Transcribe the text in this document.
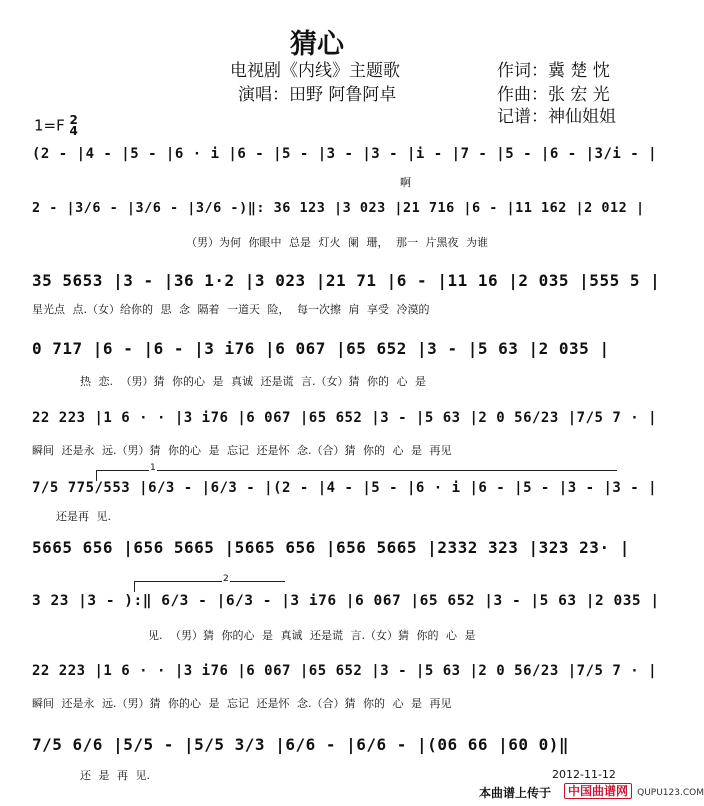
猜心
电视剧《内线》主题歌
演唱：田野 阿鲁阿卓
作词：冀 楚 忱
作曲：张 宏 光
记谱：神仙姐姐
1=F 2
4
(2 - |4 - |5 - |6 · i |6 - |5 - |3 - |3 - |i - |7 - |5 - |6 - |3/i - |
啊
2 - |3/6 - |3/6 - |3/6 -)‖: 36 123 |3 023 |21 716 |6 - |11 162 |2 012 |
（男）为何 你眼中 总是 灯火 阑 珊， 那一 片黑夜 为谁
35 5653 |3 - |36 1·2 |3 023 |21 71 |6 - |11 16 |2 035 |555 5 |
星光点 点.（女）给你的 思 念 隔着 一道天 险， 每一次擦 肩 享受 冷漠的
0 717 |6 - |6 - |3 i76 |6 067 |65 652 |3 - |5 63 |2 035 |
热 恋. （男）猜 你的心 是 真诚 还是谎 言.（女）猜 你的 心 是
22 223 |1 6 · · |3 i76 |6 067 |65 652 |3 - |5 63 |2 0 56/23 |7/5 7 · |
瞬间 还是永 远.（男）猜 你的心 是 忘记 还是怀 念.（合）猜 你的 心 是 再见
1
7/5 775/553 |6/3 - |6/3 - |(2 - |4 - |5 - |6 · i |6 - |5 - |3 - |3 - |
还是再 见.
5665 656 |656 5665 |5665 656 |656 5665 |2332 323 |323 23· |
2
3 23 |3 - ):‖ 6/3 - |6/3 - |3 i76 |6 067 |65 652 |3 - |5 63 |2 035 |
见. （男）猜 你的心 是 真诚 还是谎 言.（女）猜 你的 心 是
22 223 |1 6 · · |3 i76 |6 067 |65 652 |3 - |5 63 |2 0 56/23 |7/5 7 · |
瞬间 还是永 远.（男）猜 你的心 是 忘记 还是怀 念.（合）猜 你的 心 是 再见
7/5 6/6 |5/5 - |5/5 3/3 |6/6 - |6/6 - |(06 66 |60 0)‖
还 是 再 见.	2012-11-12
本曲谱上传于	中国曲谱网 QUPU123.COM
